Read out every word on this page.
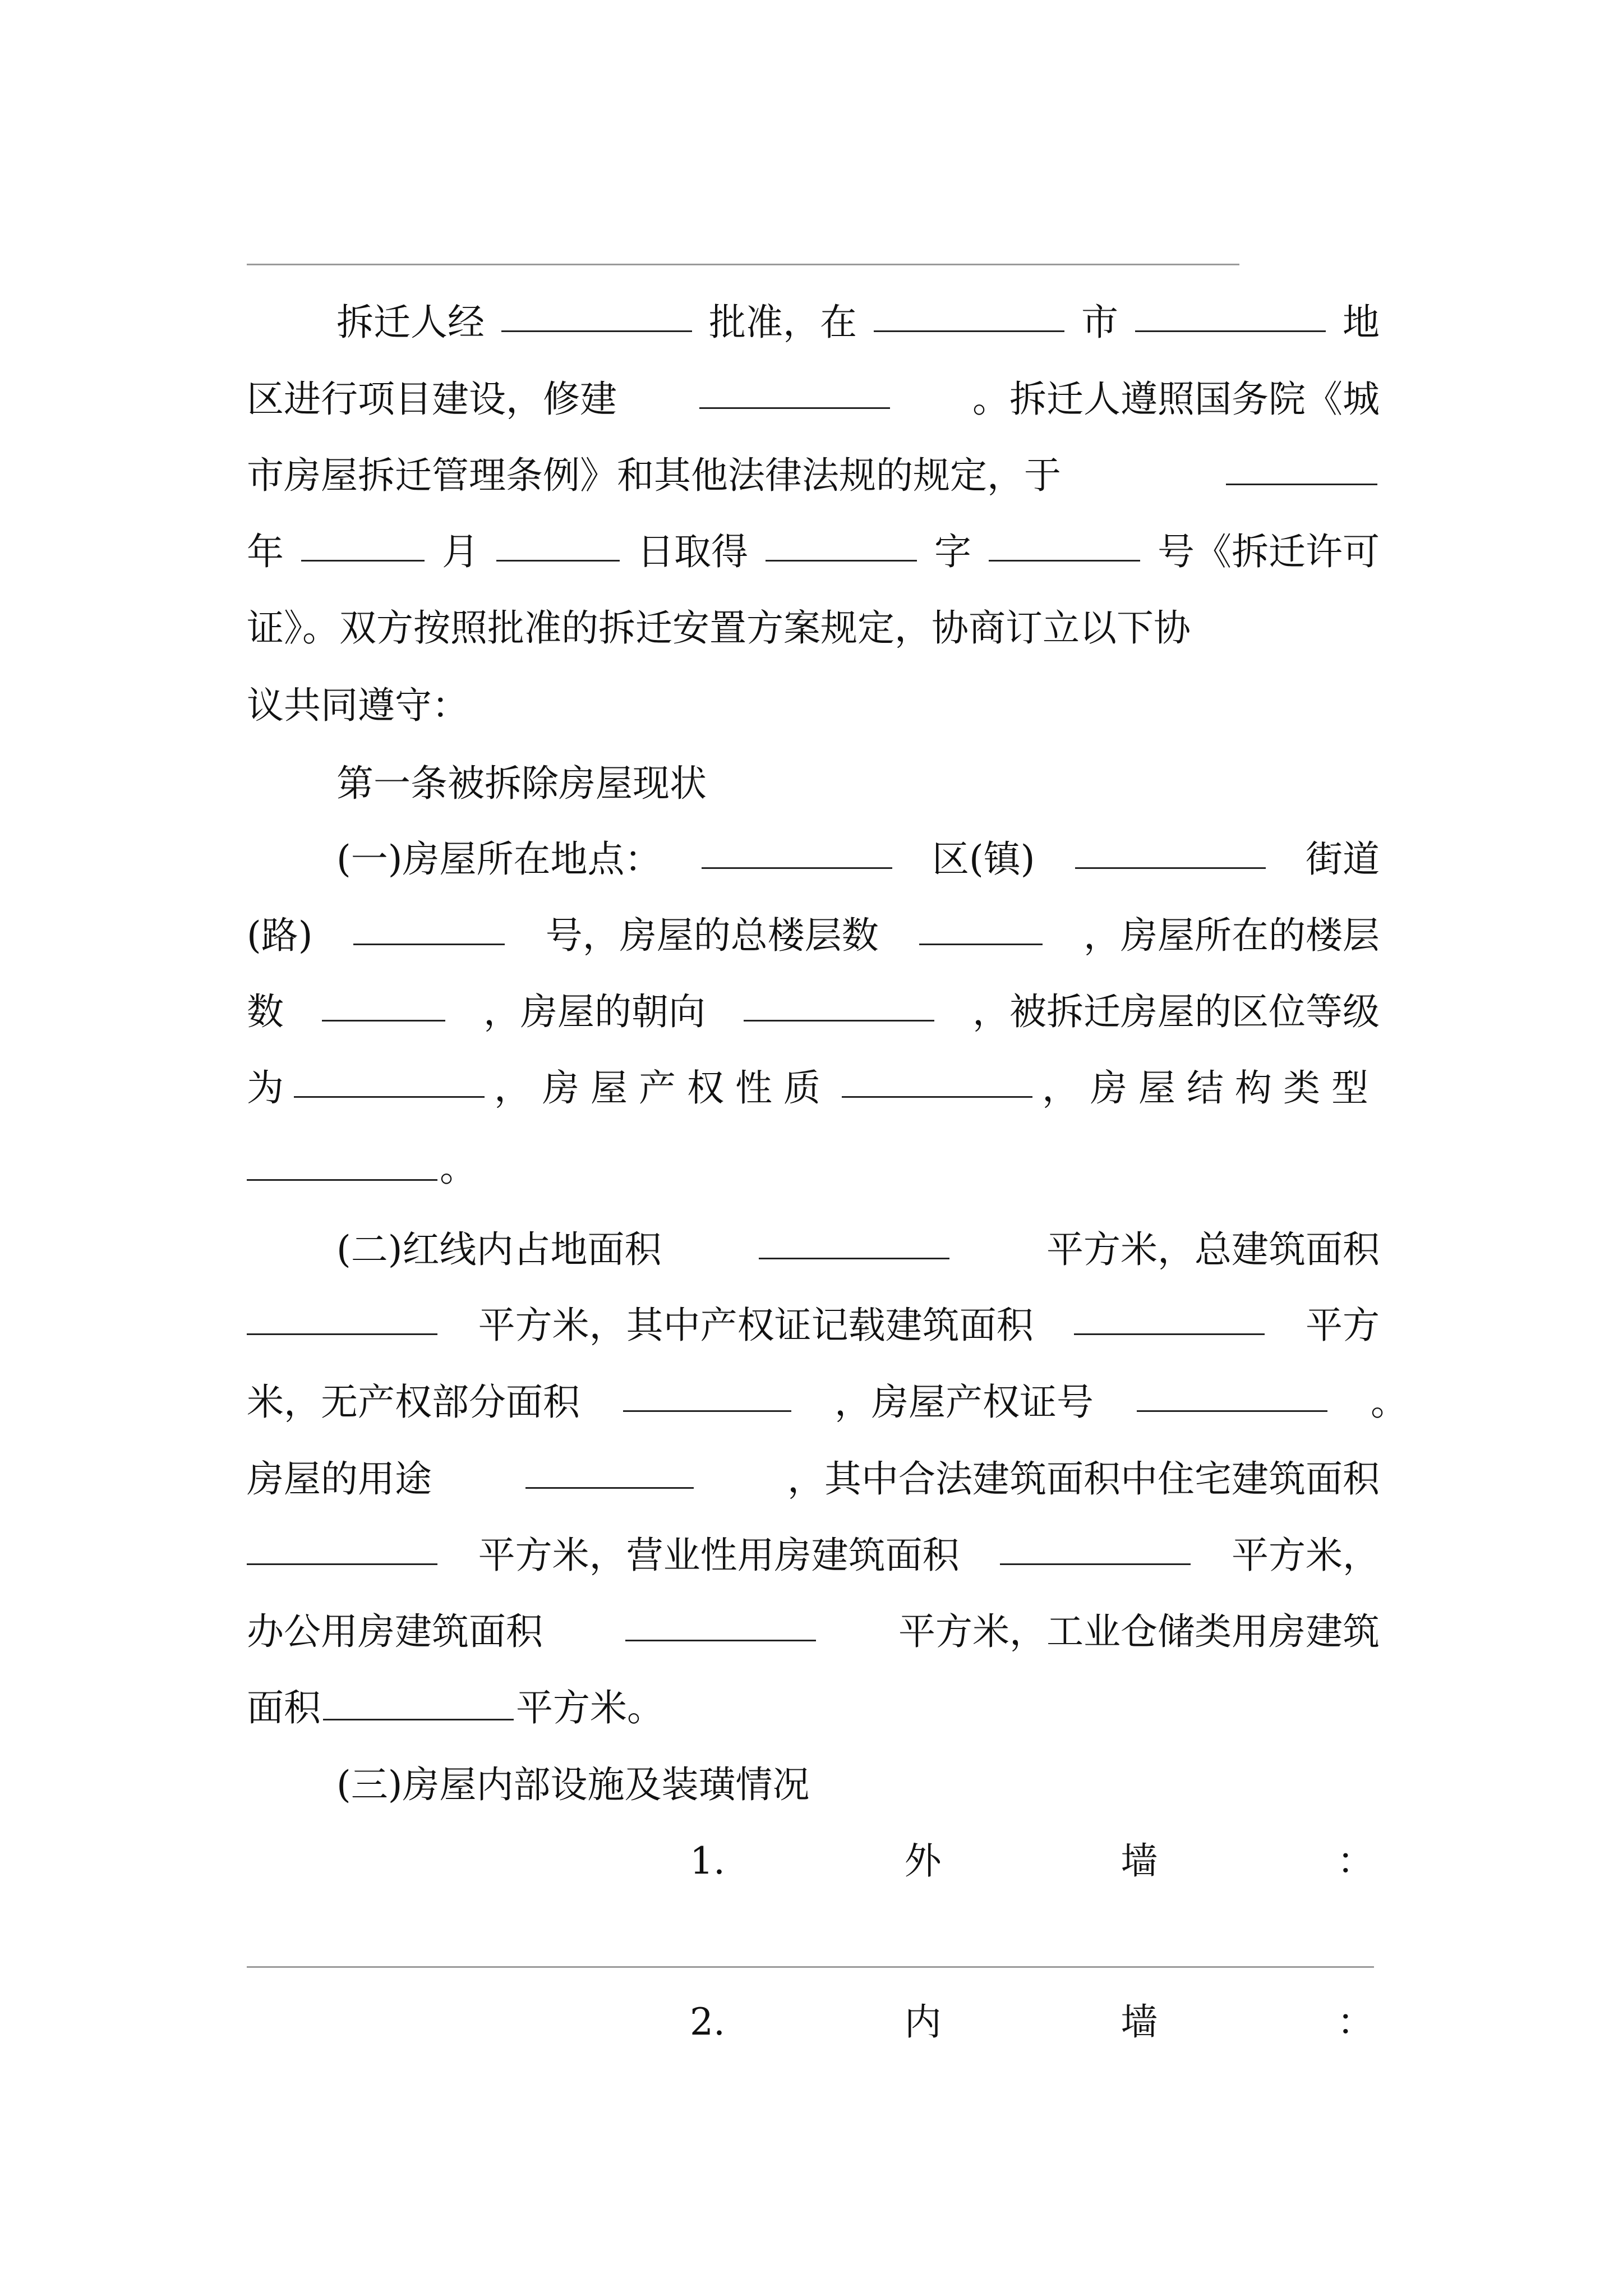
拆迁人经	批准，在	市	地
区进行项目建设，修建	。拆迁人遵照国务院《城
市房屋拆迁管理条例》和其他法律法规的规定，于
年	月	日取得	字	号《拆迁许可
证》。双方按照批准的拆迁安置方案规定，协商订立以下协
议共同遵守：
第一条被拆除房屋现状
(一)房屋所在地点：	区(镇)	街道
(路)	号，房屋的总楼层数	，房屋所在的楼层
数	，房屋的朝向	，被拆迁房屋的区位等级
为	，房屋产权性质	，房屋结构类型
。
(二)红线内占地面积	平方米，总建筑面积
平方米，其中产权证记载建筑面积	平方
米，无产权部分面积	，房屋产权证号	。
房屋的用途	，其中合法建筑面积中住宅建筑面积
平方米，营业性用房建筑面积	平方米，
办公用房建筑面积	平方米，工业仓储类用房建筑
面积	平方米。
(三)房屋内部设施及装璜情况
1.	外	墙	：
2.	内	墙	：
